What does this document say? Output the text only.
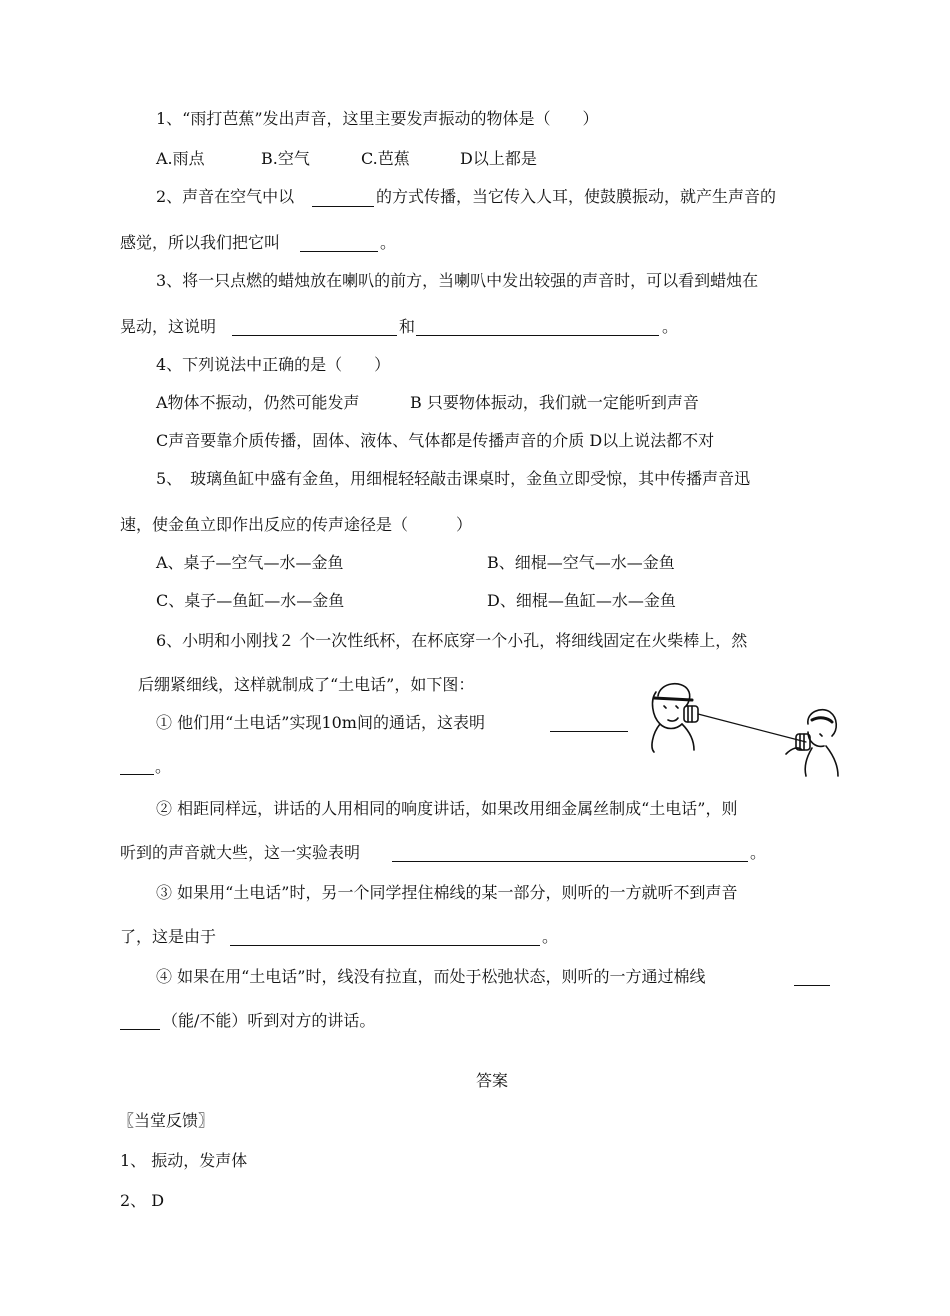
1、“雨打芭蕉”发出声音，这里主要发声振动的物体是（　　）
A.雨点	B.空气	C.芭蕉	D以上都是
2、声音在空气中以	的方式传播，当它传入人耳，使鼓膜振动，就产生声音的
感觉，所以我们把它叫	。
3、将一只点燃的蜡烛放在喇叭的前方，当喇叭中发出较强的声音时，可以看到蜡烛在
晃动，这说明	和	。
4、下列说法中正确的是（　　）
A物体不振动，仍然可能发声	B 只要物体振动，我们就一定能听到声音
C声音要靠介质传播，固体、液体、气体都是传播声音的介质 D以上说法都不对
5、　玻璃鱼缸中盛有金鱼，用细棍轻轻敲击课桌时，金鱼立即受惊，其中传播声音迅
速，使金鱼立即作出反应的传声途径是（　　　）
A、桌子—空气—水—金鱼	B、细棍—空气—水—金鱼
C、桌子—鱼缸—水—金鱼	D、细棍—鱼缸—水—金鱼
6、小明和小刚找２ 个一次性纸杯，在杯底穿一个小孔，将细线固定在火柴棒上，然
后绷紧细线，这样就制成了“土电话”，如下图：
① 他们用“土电话”实现10m间的通话，这表明
。
② 相距同样远，讲话的人用相同的响度讲话，如果改用细金属丝制成“土电话”，则
听到的声音就大些，这一实验表明	。
③ 如果用“土电话”时，另一个同学捏住棉线的某一部分，则听的一方就听不到声音
了，这是由于	。
④ 如果在用“土电话”时，线没有拉直，而处于松弛状态，则听的一方通过棉线
（能/不能）听到对方的讲话。
答案
〖当堂反馈〗
1、 振动，发声体
2、 D
